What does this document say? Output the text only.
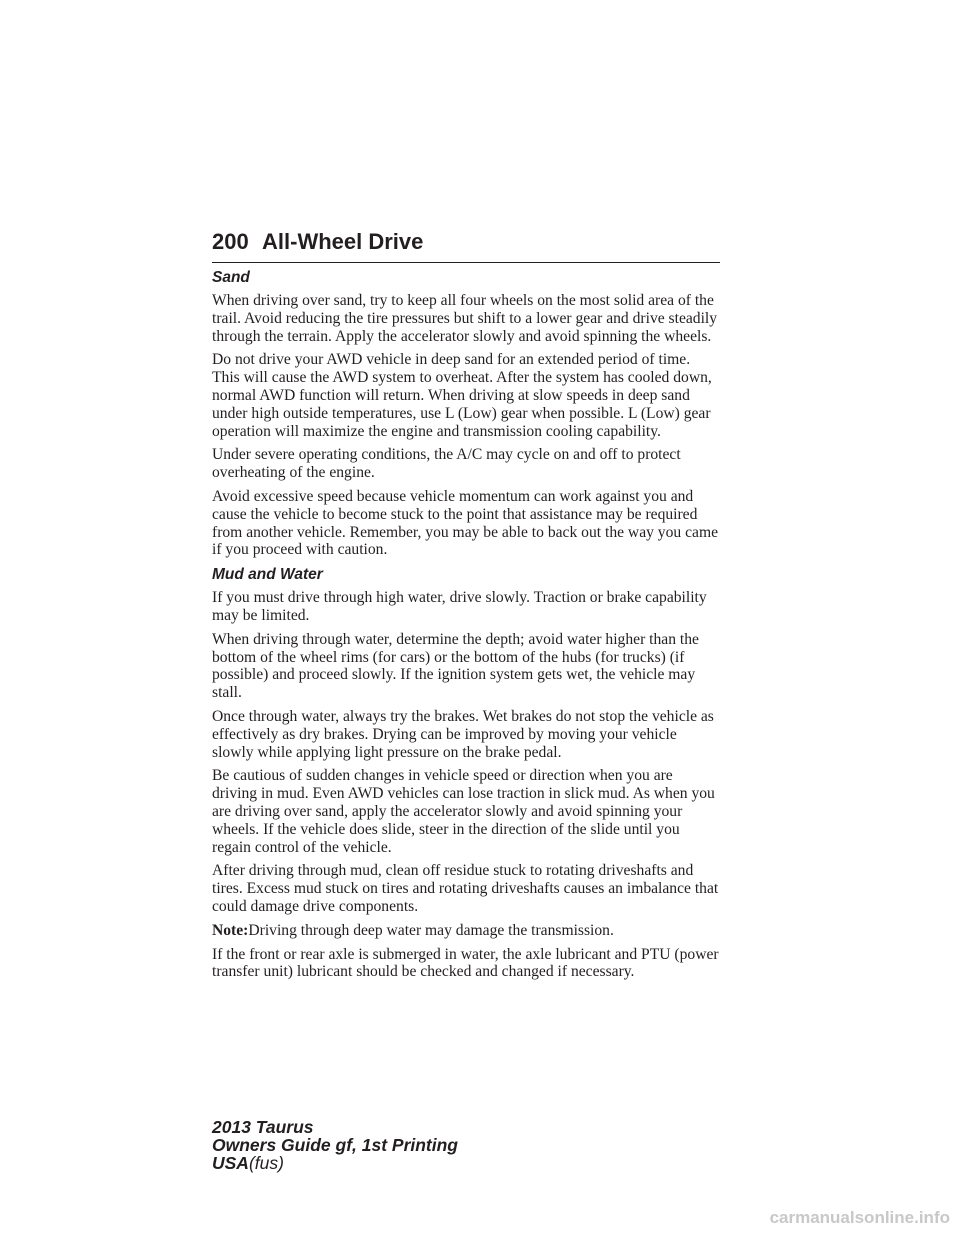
200 All-Wheel Drive
Sand

When driving over sand, try to keep all four wheels on the most solid area of the trail. Avoid reducing the tire pressures but shift to a lower gear and drive steadily through the terrain. Apply the accelerator slowly and avoid spinning the wheels.

Do not drive your AWD vehicle in deep sand for an extended period of time. This will cause the AWD system to overheat. After the system has cooled down, normal AWD function will return. When driving at slow speeds in deep sand under high outside temperatures, use L (Low) gear when possible. L (Low) gear operation will maximize the engine and transmission cooling capability.

Under severe operating conditions, the A/C may cycle on and off to protect overheating of the engine.

Avoid excessive speed because vehicle momentum can work against you and cause the vehicle to become stuck to the point that assistance may be required from another vehicle. Remember, you may be able to back out the way you came if you proceed with caution.

Mud and Water

If you must drive through high water, drive slowly. Traction or brake capability may be limited.

When driving through water, determine the depth; avoid water higher than the bottom of the wheel rims (for cars) or the bottom of the hubs (for trucks) (if possible) and proceed slowly. If the ignition system gets wet, the vehicle may stall.

Once through water, always try the brakes. Wet brakes do not stop the vehicle as effectively as dry brakes. Drying can be improved by moving your vehicle slowly while applying light pressure on the brake pedal.

Be cautious of sudden changes in vehicle speed or direction when you are driving in mud. Even AWD vehicles can lose traction in slick mud. As when you are driving over sand, apply the accelerator slowly and avoid spinning your wheels. If the vehicle does slide, steer in the direction of the slide until you regain control of the vehicle.

After driving through mud, clean off residue stuck to rotating driveshafts and tires. Excess mud stuck on tires and rotating driveshafts causes an imbalance that could damage drive components.

Note:Driving through deep water may damage the transmission.

If the front or rear axle is submerged in water, the axle lubricant and PTU (power transfer unit) lubricant should be checked and changed if necessary.

2013 Taurus
Owners Guide gf, 1st Printing
USA(fus)
carmanualsonline.info
